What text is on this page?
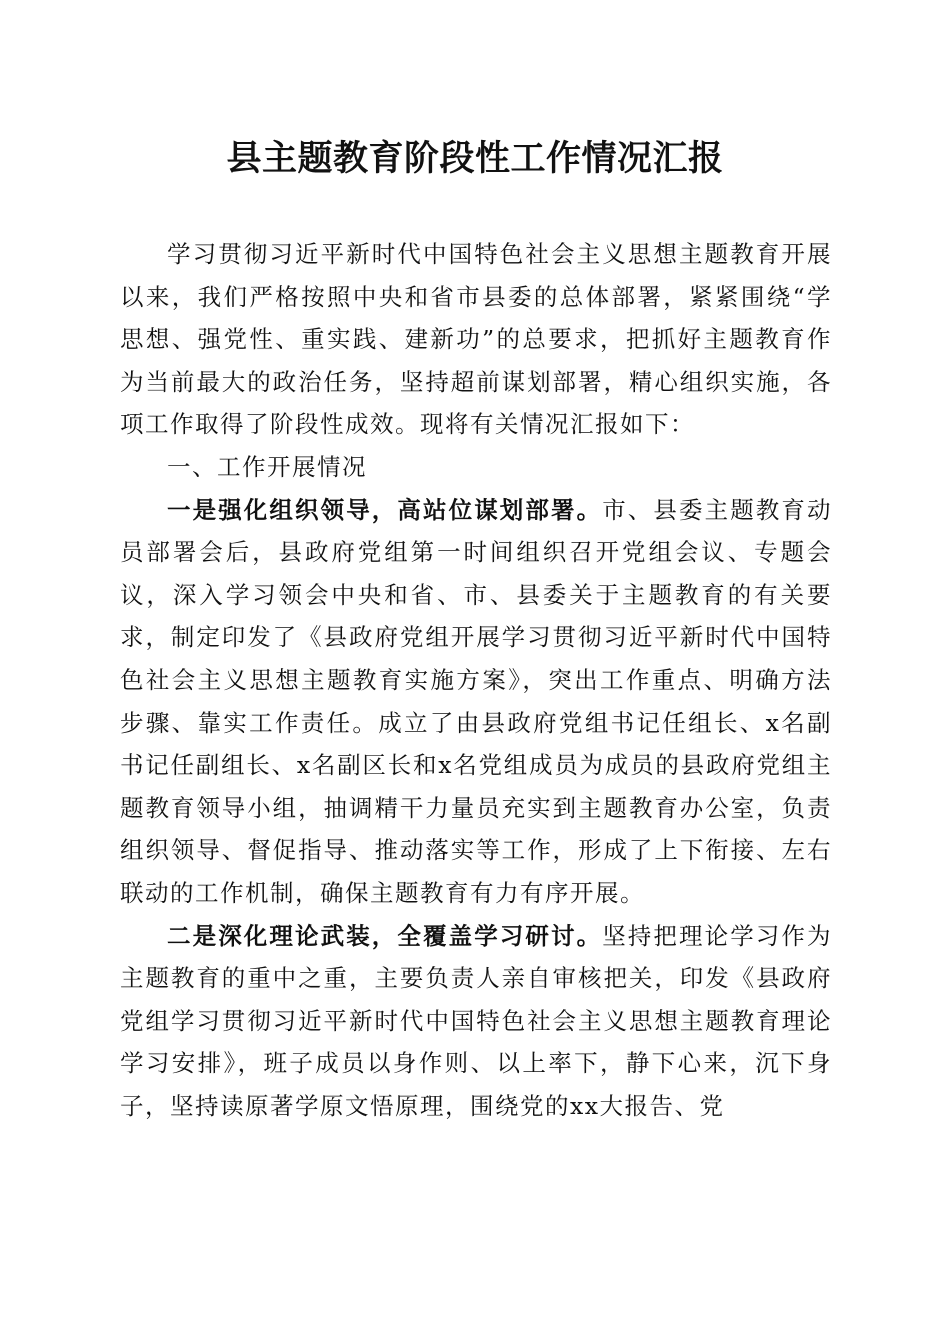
县主题教育阶段性工作情况汇报

学习贯彻习近平新时代中国特色社会主义思想主题教育开展以来，我们严格按照中央和省市县委的总体部署，紧紧围绕“学思想、强党性、重实践、建新功”的总要求，把抓好主题教育作为当前最大的政治任务，坚持超前谋划部署，精心组织实施，各项工作取得了阶段性成效。现将有关情况汇报如下：

一、工作开展情况

一是强化组织领导，高站位谋划部署。市、县委主题教育动员部署会后，县政府党组第一时间组织召开党组会议、专题会议，深入学习领会中央和省、市、县委关于主题教育的有关要求，制定印发了《县政府党组开展学习贯彻习近平新时代中国特色社会主义思想主题教育实施方案》，突出工作重点、明确方法步骤、靠实工作责任。成立了由县政府党组书记任组长、x名副书记任副组长、x名副区长和x名党组成员为成员的县政府党组主题教育领导小组，抽调精干力量员充实到主题教育办公室，负责组织领导、督促指导、推动落实等工作，形成了上下衔接、左右联动的工作机制，确保主题教育有力有序开展。

二是深化理论武装，全覆盖学习研讨。坚持把理论学习作为主题教育的重中之重，主要负责人亲自审核把关，印发《县政府党组学习贯彻习近平新时代中国特色社会主义思想主题教育理论学习安排》，班子成员以身作则、以上率下，静下心来，沉下身子，坚持读原著学原文悟原理，围绕党的xx大报告、党
